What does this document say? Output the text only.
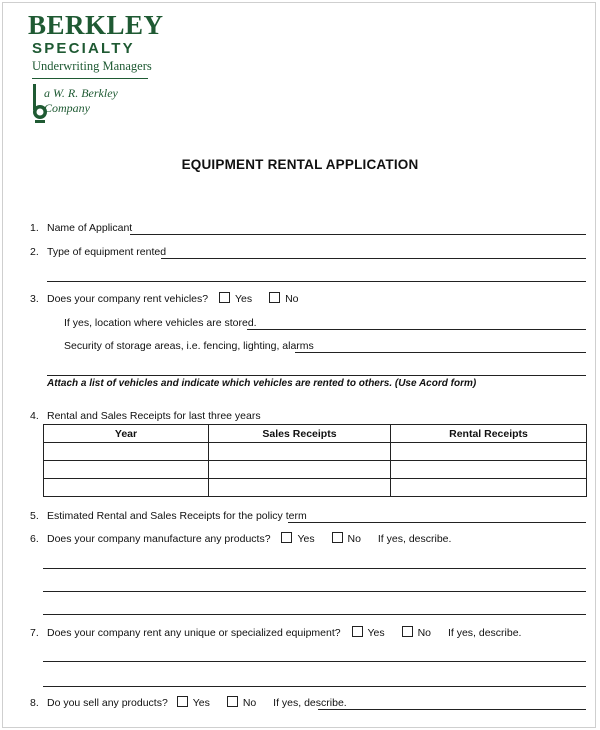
BERKLEY
SPECIALTY
Underwriting Managers
a W. R. Berkley Company
EQUIPMENT RENTAL APPLICATION
1. Name of Applicant
2. Type of equipment rented
3. Does your company rent vehicles?	Yes	No
If yes, location where vehicles are stored.
Security of storage areas, i.e. fencing, lighting, alarms
Attach a list of vehicles and indicate which vehicles are rented to others. (Use Acord form)
4. Rental and Sales Receipts for last three years
Year	Sales Receipts	Rental Receipts

5. Estimated Rental and Sales Receipts for the policy term
6. Does your company manufacture any products?	Yes	No If yes, describe.
7. Does your company rent any unique or specialized equipment?	Yes	No If yes, describe.
8. Do you sell any products? Yes	No If yes, describe.
